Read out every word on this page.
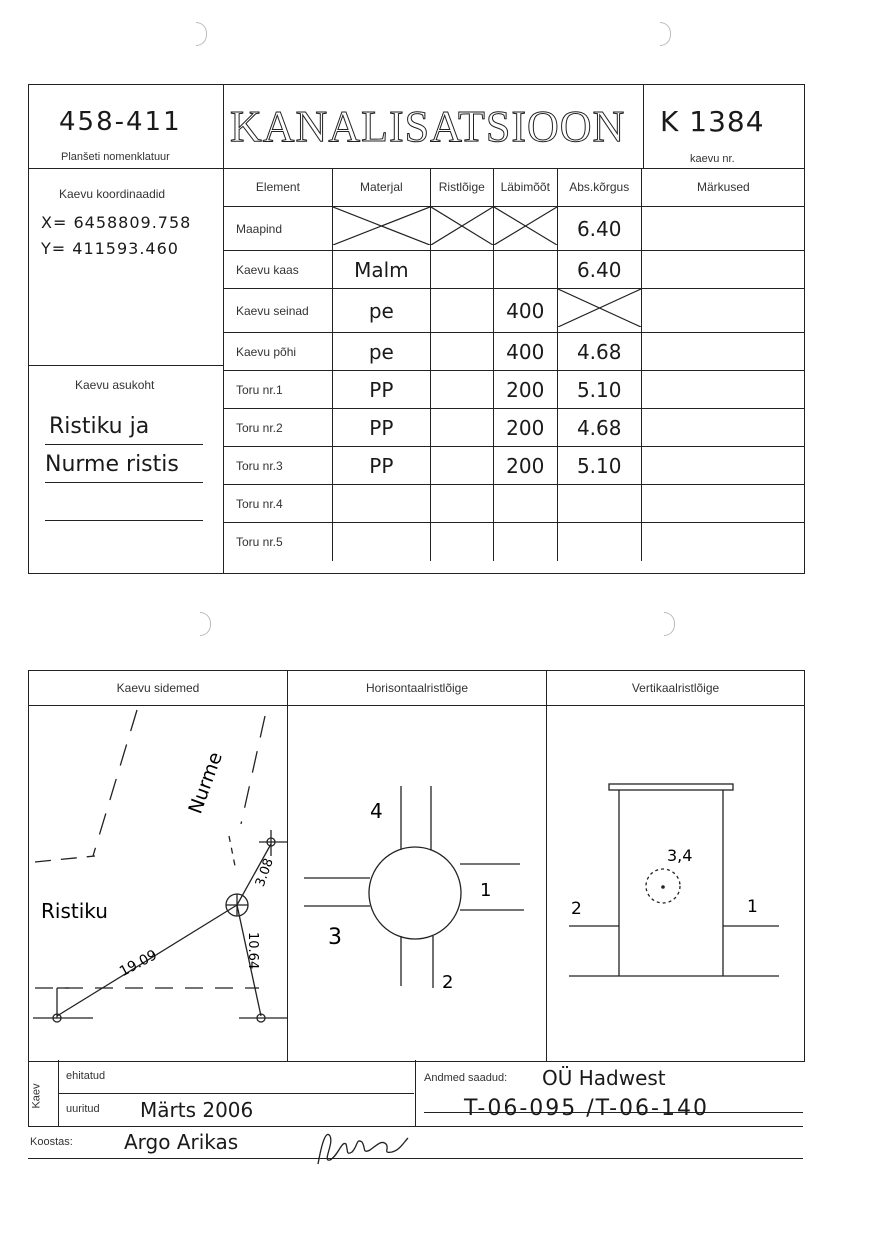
458-411
Planšeti nomenklatuur
KANALISATSIOON K 1384
kaevu nr.
Kaevu koordinaadid
X= 6458809.758
Y= 411593.460
Kaevu asukoht
Ristiku ja
Nurme ristis
Element	Materjal	Ristlõige	Läbimõõt	Abs.kõrgus	Märkused
Maapind				6.40	
Kaevu kaas	Malm			6.40	
Kaevu seinad	pe		400		
Kaevu põhi	pe		400	4.68	
Toru nr.1	PP		200	5.10	
Toru nr.2	PP		200	4.68	
Toru nr.3	PP		200	5.10	
Toru nr.4					
Toru nr.5					
Kaevu sidemed	Horisontaalristlõige	Vertikaalristlõige
Nurme
Ristiku
19.09
3.08
10.64
4
1
2
3
3,4
2	1
Kaev
ehitatud
uuritud Märts 2006
Andmed saadud: OÜ Hadwest
T-06-095 /T-06-140
Koostas:	Argo Arikas
